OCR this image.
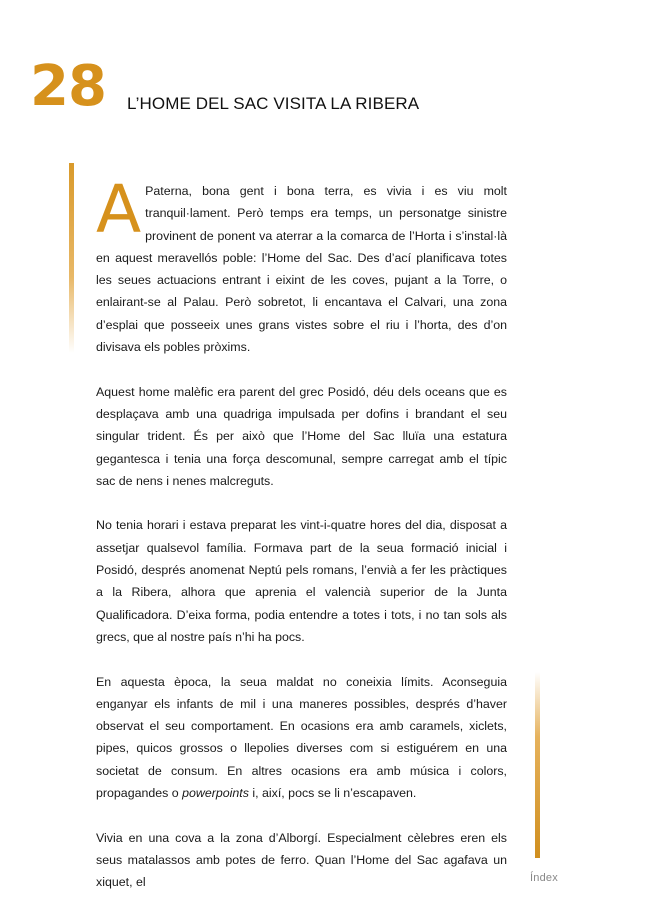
28 L’HOME DEL SAC VISITA LA RIBERA

A Paterna, bona gent i bona terra, es vivia i es viu molt tranquil·lament. Però temps era temps, un personatge sinistre provinent de ponent va aterrar a la comarca de l’Horta i s’instal·là en aquest meravellós poble: l’Home del Sac. Des d’ací planificava totes les seues actuacions entrant i eixint de les coves, pujant a la Torre, o enlairant-se al Palau. Però sobretot, li encantava el Calvari, una zona d’esplai que posseeix unes grans vistes sobre el riu i l’horta, des d’on divisava els pobles pròxims.

Aquest home malèfic era parent del grec Posidó, déu dels oceans que es desplaçava amb una quadriga impulsada per dofins i brandant el seu singular trident. És per això que l’Home del Sac lluïa una estatura gegantesca i tenia una força descomunal, sempre carregat amb el típic sac de nens i nenes malcreguts.

No tenia horari i estava preparat les vint-i-quatre hores del dia, disposat a assetjar qualsevol família. Formava part de la seua formació inicial i Posidó, després anomenat Neptú pels romans, l’envià a fer les pràctiques a la Ribera, alhora que aprenia el valencià superior de la Junta Qualificadora. D’eixa forma, podia entendre a totes i tots, i no tan sols als grecs, que al nostre país n’hi ha pocs.

En aquesta època, la seua maldat no coneixia límits. Aconseguia enganyar els infants de mil i una maneres possibles, després d’haver observat el seu comportament. En ocasions era amb caramels, xiclets, pipes, quicos grossos o llepolies diverses com si estiguérem en una societat de consum. En altres ocasions era amb música i colors, propagandes o powerpoints i, així, pocs se li n’escapaven.

Vivia en una cova a la zona d’Alborgí. Especialment cèlebres eren els seus matalassos amb potes de ferro. Quan l’Home del Sac agafava un xiquet, el	Índex
